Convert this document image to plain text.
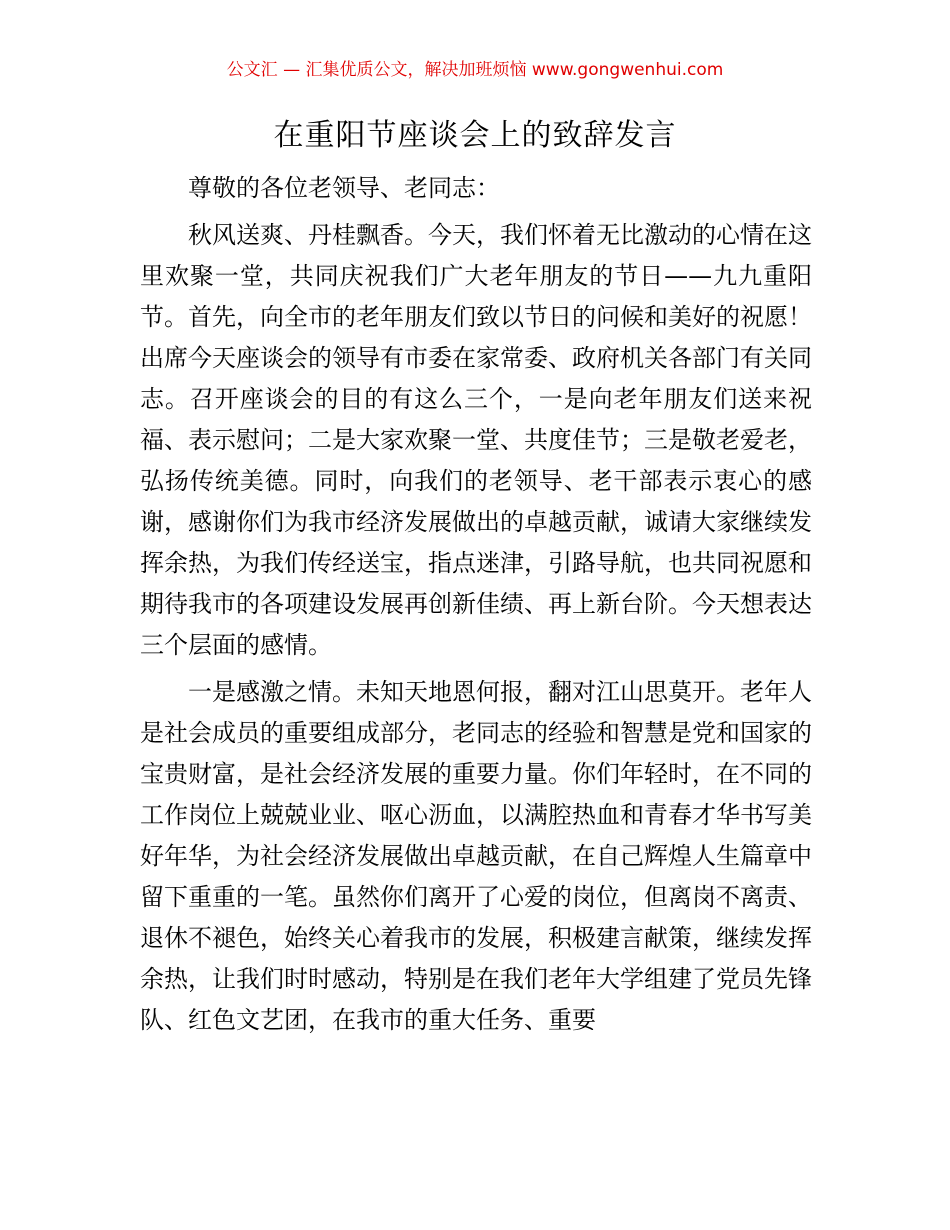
公文汇 — 汇集优质公文，解决加班烦恼 www.gongwenhui.com
在重阳节座谈会上的致辞发言

尊敬的各位老领导、老同志：

秋风送爽、丹桂飘香。今天，我们怀着无比激动的心情在这里欢聚一堂，共同庆祝我们广大老年朋友的节日——九九重阳节。首先，向全市的老年朋友们致以节日的问候和美好的祝愿！出席今天座谈会的领导有市委在家常委、政府机关各部门有关同志。召开座谈会的目的有这么三个，一是向老年朋友们送来祝福、表示慰问；二是大家欢聚一堂、共度佳节；三是敬老爱老，弘扬传统美德。同时，向我们的老领导、老干部表示衷心的感谢，感谢你们为我市经济发展做出的卓越贡献，诚请大家继续发挥余热，为我们传经送宝，指点迷津，引路导航，也共同祝愿和期待我市的各项建设发展再创新佳绩、再上新台阶。今天想表达三个层面的感情。

一是感激之情。未知天地恩何报，翻对江山思莫开。老年人是社会成员的重要组成部分，老同志的经验和智慧是党和国家的宝贵财富，是社会经济发展的重要力量。你们年轻时，在不同的工作岗位上兢兢业业、呕心沥血，以满腔热血和青春才华书写美好年华，为社会经济发展做出卓越贡献，在自己辉煌人生篇章中留下重重的一笔。虽然你们离开了心爱的岗位，但离岗不离责、退休不褪色，始终关心着我市的发展，积极建言献策，继续发挥余热，让我们时时感动，特别是在我们老年大学组建了党员先锋队、红色文艺团，在我市的重大任务、重要
